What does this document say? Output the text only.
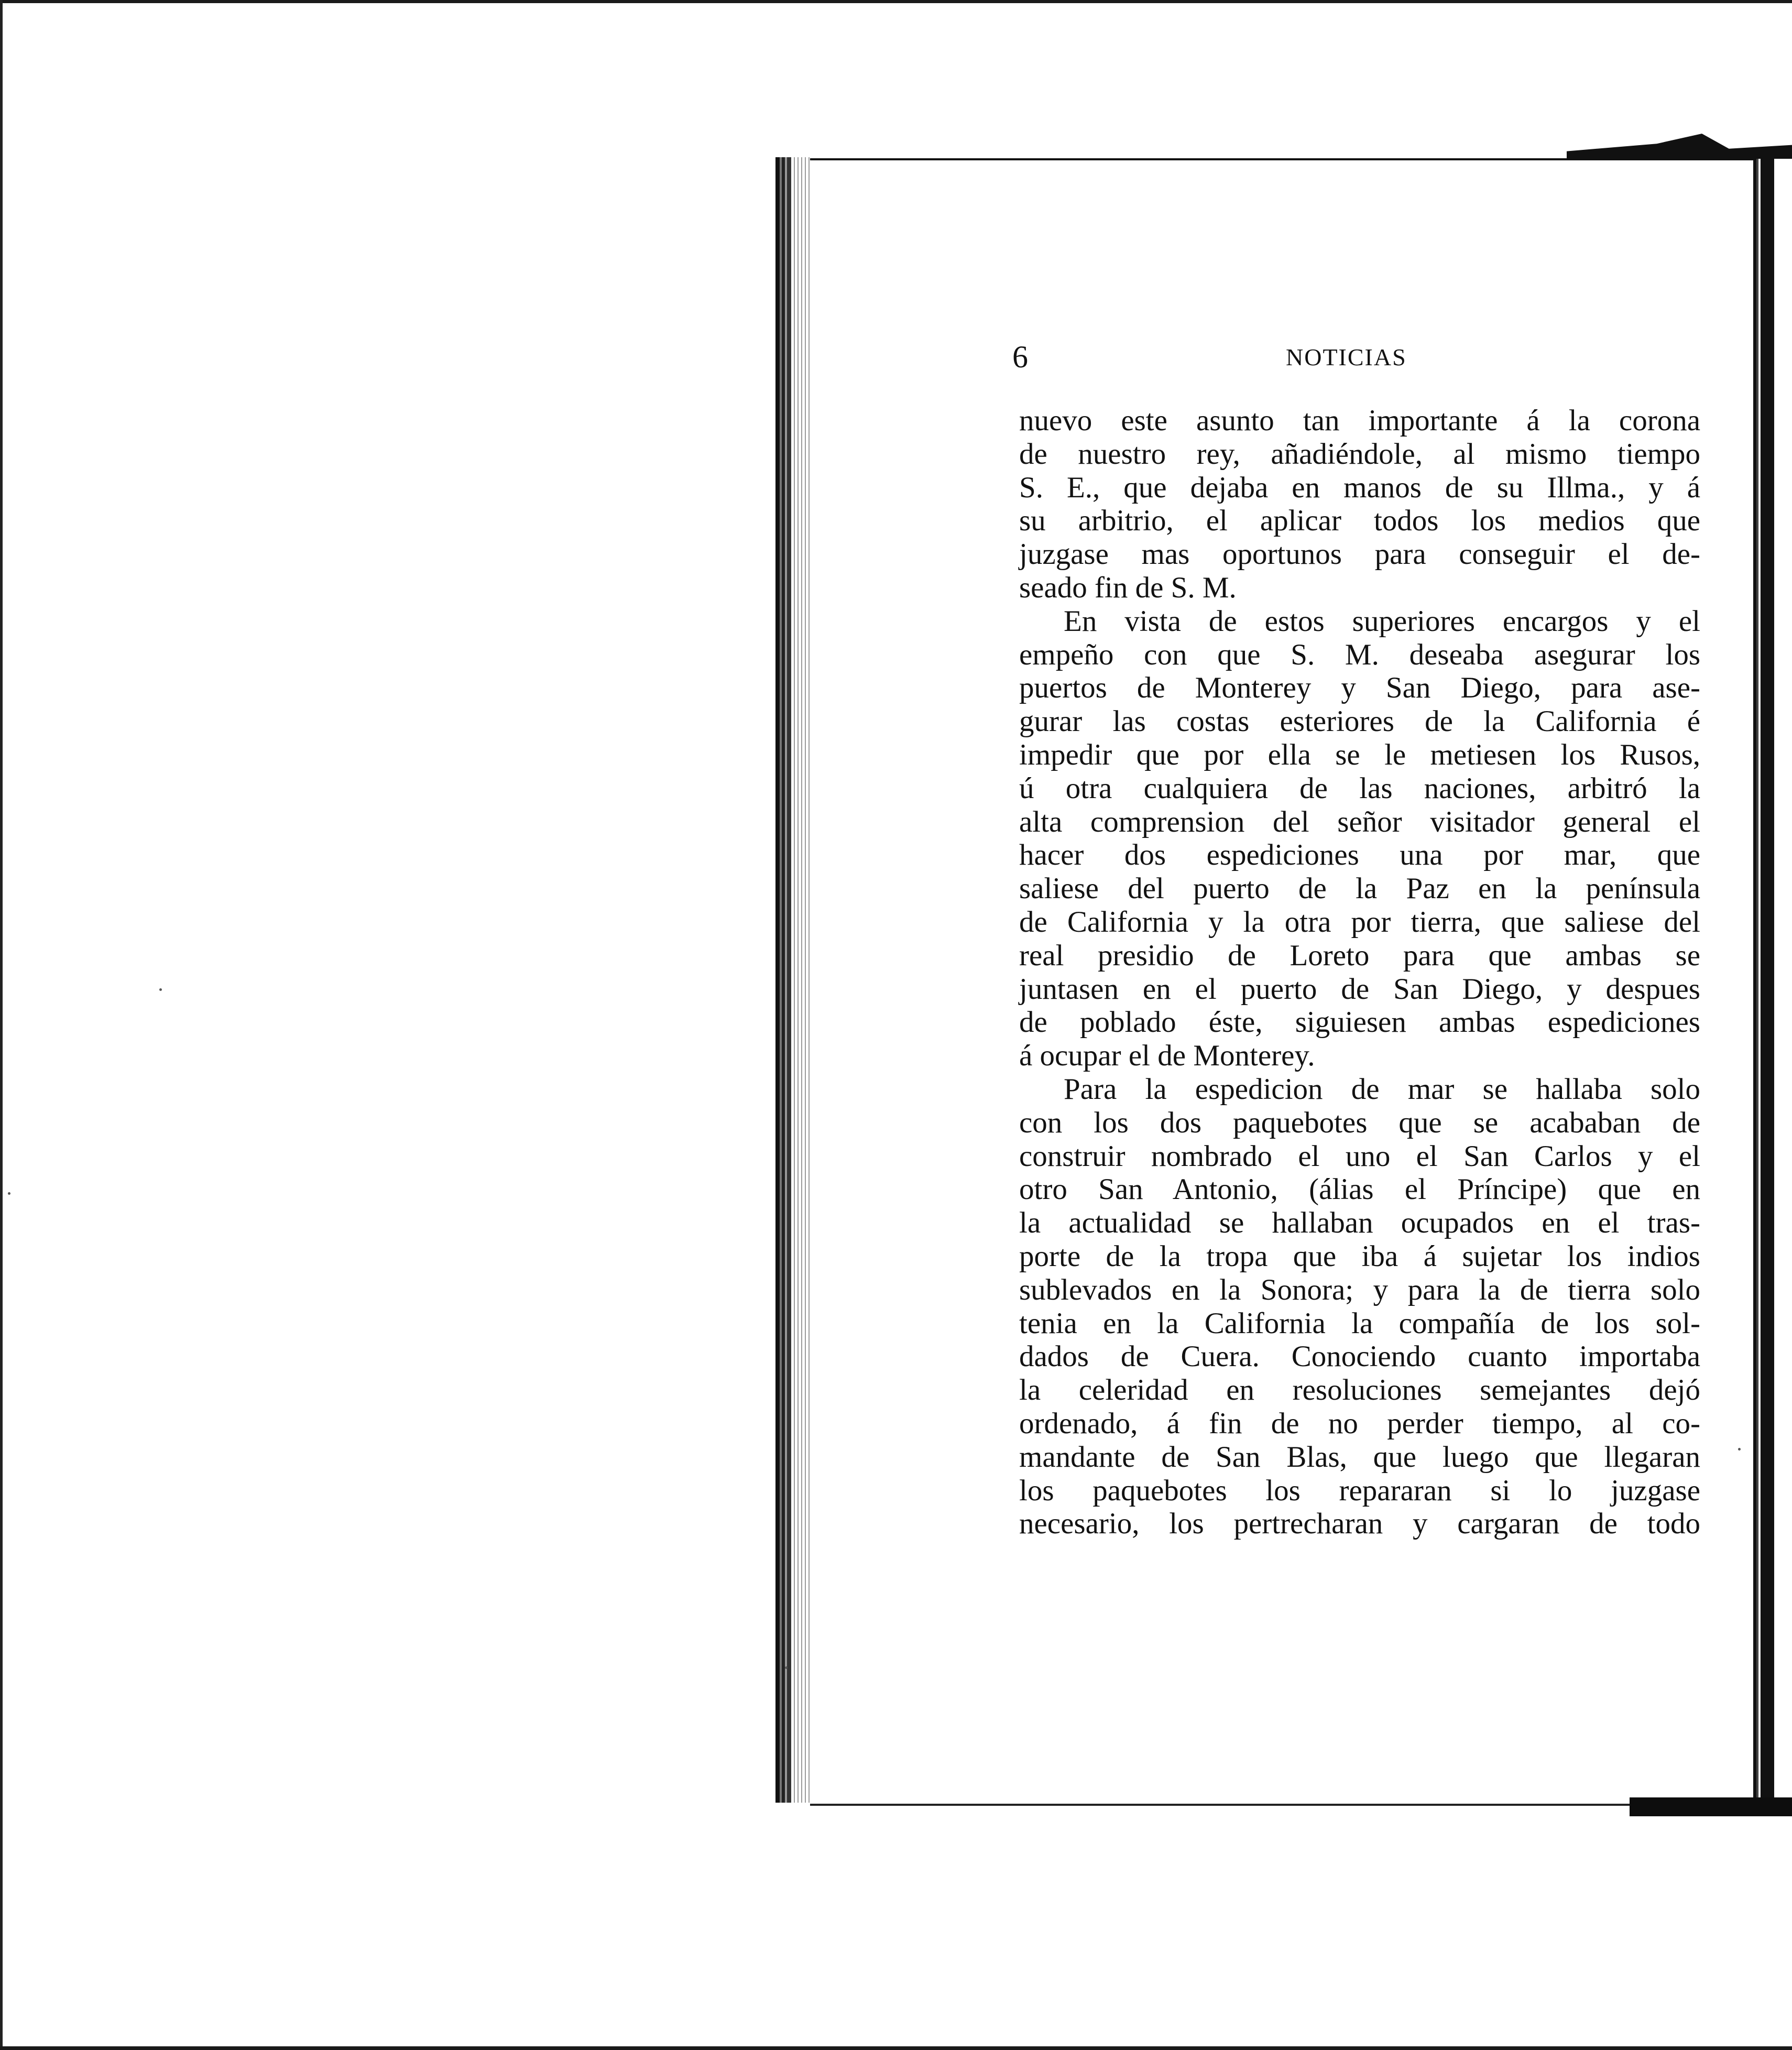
6	NOTICIAS
nuevo este asunto tan importante á la corona
de nuestro rey, añadiéndole, al mismo tiempo
S. E., que dejaba en manos de su Illma., y á
su arbitrio, el aplicar todos los medios que
juzgase mas oportunos para conseguir el de-
seado fin de S. M.
En vista de estos superiores encargos y el
empeño con que S. M. deseaba asegurar los
puertos de Monterey y San Diego, para ase-
gurar las costas esteriores de la California é
impedir que por ella se le metiesen los Rusos,
ú otra cualquiera de las naciones, arbitró la
alta comprension del señor visitador general el
hacer dos espediciones una por mar, que
saliese del puerto de la Paz en la península
de California y la otra por tierra, que saliese del
real presidio de Loreto para que ambas se
juntasen en el puerto de San Diego, y despues
de poblado éste, siguiesen ambas espediciones
á ocupar el de Monterey.
Para la espedicion de mar se hallaba solo
con los dos paquebotes que se acababan de
construir nombrado el uno el San Carlos y el
otro San Antonio, (álias el Príncipe) que en
la actualidad se hallaban ocupados en el tras-
porte de la tropa que iba á sujetar los indios
sublevados en la Sonora; y para la de tierra solo
tenia en la California la compañía de los sol-
dados de Cuera. Conociendo cuanto importaba
la celeridad en resoluciones semejantes dejó
ordenado, á fin de no perder tiempo, al co-
mandante de San Blas, que luego que llegaran
los paquebotes los repararan si lo juzgase
necesario, los pertrecharan y cargaran de todo
